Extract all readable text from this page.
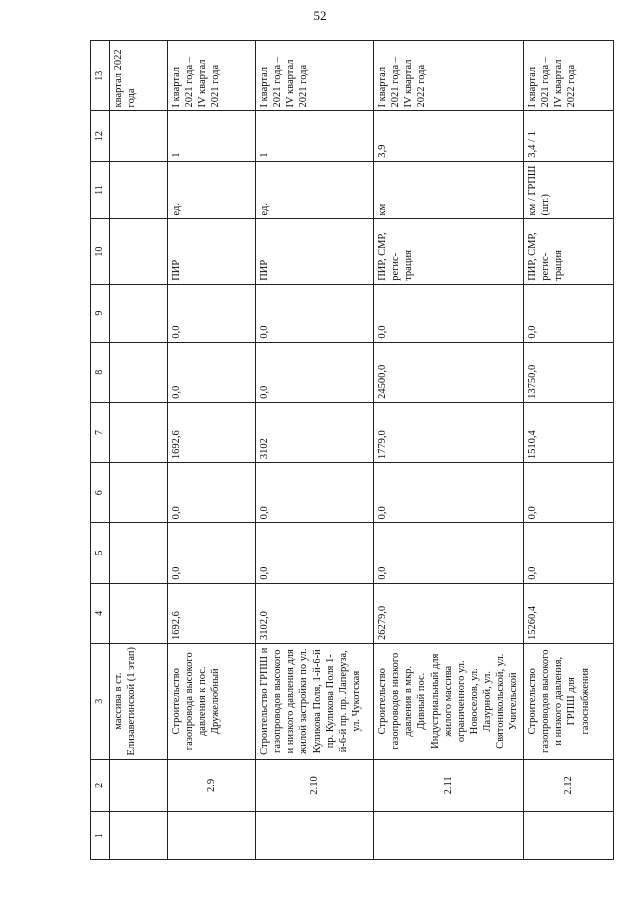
52
1	2	3	4	5	6	7	8	9	10	11	12	13
		массива в ст. Елизаветинской (1 этап)										квартал 2022 года
	2.9	Строительство газопровода высокого давления к пос. Дружелюбный	1692,6	0,0	0,0	1692,6	0,0	0,0	ПИР	ед.	1	I квартал 2021 года – IV квартал 2021 года
	2.10	Строительство ГРПШ и газопроводов высокого и низкого давления для жилой застройки по ул. Куликова Поля, 1-й-6-й пр. Куликова Поля 1-й-6-й пр. пр. Лаперуза, ул. Чукотская	3102,0	0,0	0,0	3102	0,0	0,0	ПИР	ед.	1	I квартал 2021 года – IV квартал 2021 года
	2.11	Строительство газопроводов низкого давления в мкр. Дивный пос. Индустриальный для жилого массива ограниченного ул. Новоселов, ул. Лазурной, ул. Святоникольской, ул. Учительской	26279,0	0,0	0,0	1779,0	24500,0	0,0	ПИР, СМР, регис-трация	км	3,9	I квартал 2021 года – IV квартал 2022 года
	2.12	Строительство газопроводов высокого и низкого давления, ГРПШ для газоснабжения	15260,4	0,0	0,0	1510,4	13750,0	0,0	ПИР, СМР, регис-трация	км / ГРПШ (шт.)	3,4 / 1	I квартал 2021 года – IV квартал 2022 года
